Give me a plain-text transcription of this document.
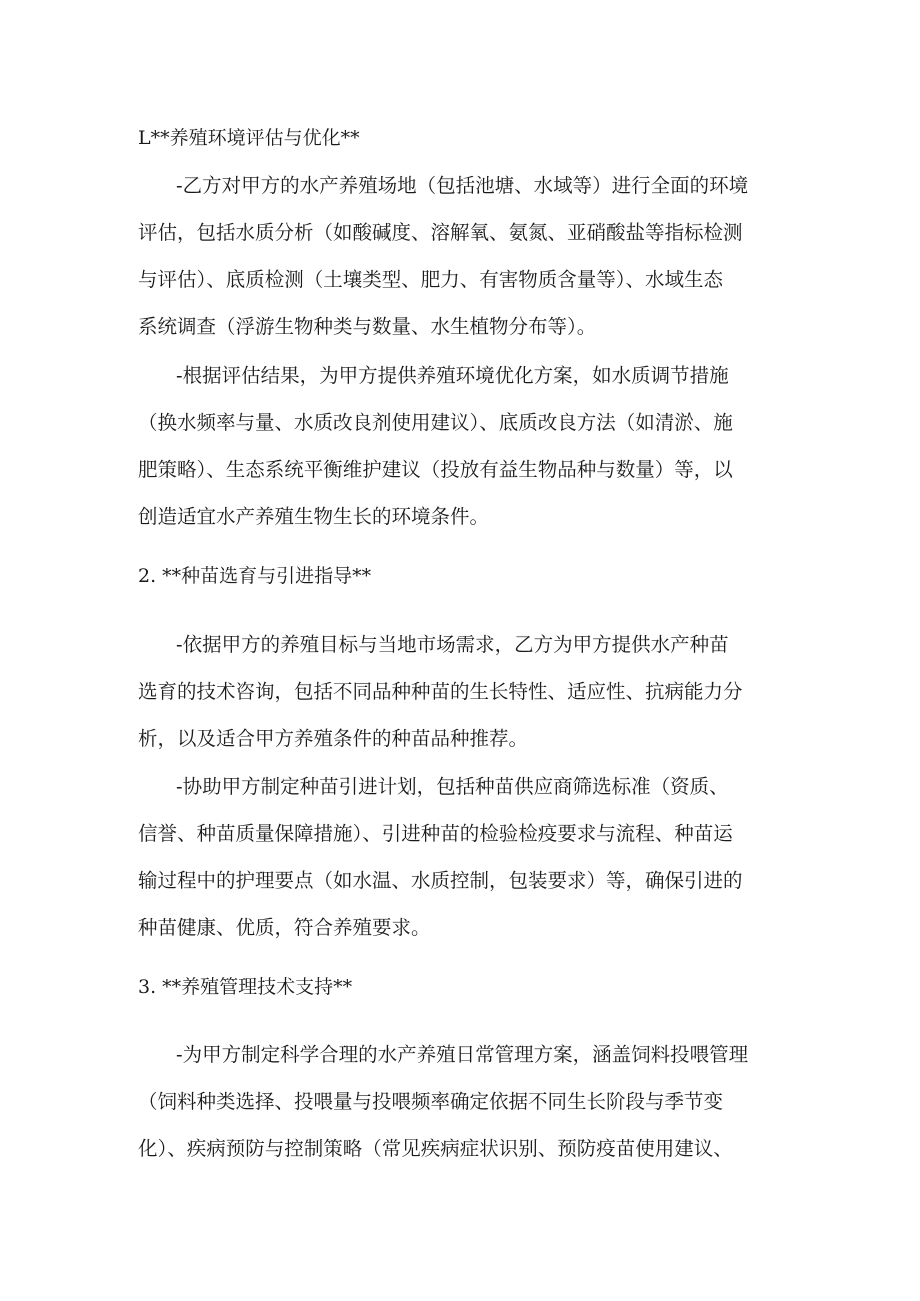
L**养殖环境评估与优化**
-乙方对甲方的水产养殖场地（包括池塘、水域等）进行全面的环境
评估，包括水质分析（如酸碱度、溶解氧、氨氮、亚硝酸盐等指标检测
与评估）、底质检测（土壤类型、肥力、有害物质含量等）、水域生态
系统调查（浮游生物种类与数量、水生植物分布等）。
-根据评估结果，为甲方提供养殖环境优化方案，如水质调节措施
（换水频率与量、水质改良剂使用建议）、底质改良方法（如清淤、施
肥策略）、生态系统平衡维护建议（投放有益生物品种与数量）等，以
创造适宜水产养殖生物生长的环境条件。
2. **种苗选育与引进指导**
-依据甲方的养殖目标与当地市场需求，乙方为甲方提供水产种苗
选育的技术咨询，包括不同品种种苗的生长特性、适应性、抗病能力分
析，以及适合甲方养殖条件的种苗品种推荐。
-协助甲方制定种苗引进计划，包括种苗供应商筛选标准（资质、
信誉、种苗质量保障措施）、引进种苗的检验检疫要求与流程、种苗运
输过程中的护理要点（如水温、水质控制，包装要求）等，确保引进的
种苗健康、优质，符合养殖要求。
3. **养殖管理技术支持**
-为甲方制定科学合理的水产养殖日常管理方案，涵盖饲料投喂管理
（饲料种类选择、投喂量与投喂频率确定依据不同生长阶段与季节变
化）、疾病预防与控制策略（常见疾病症状识别、预防疫苗使用建议、
